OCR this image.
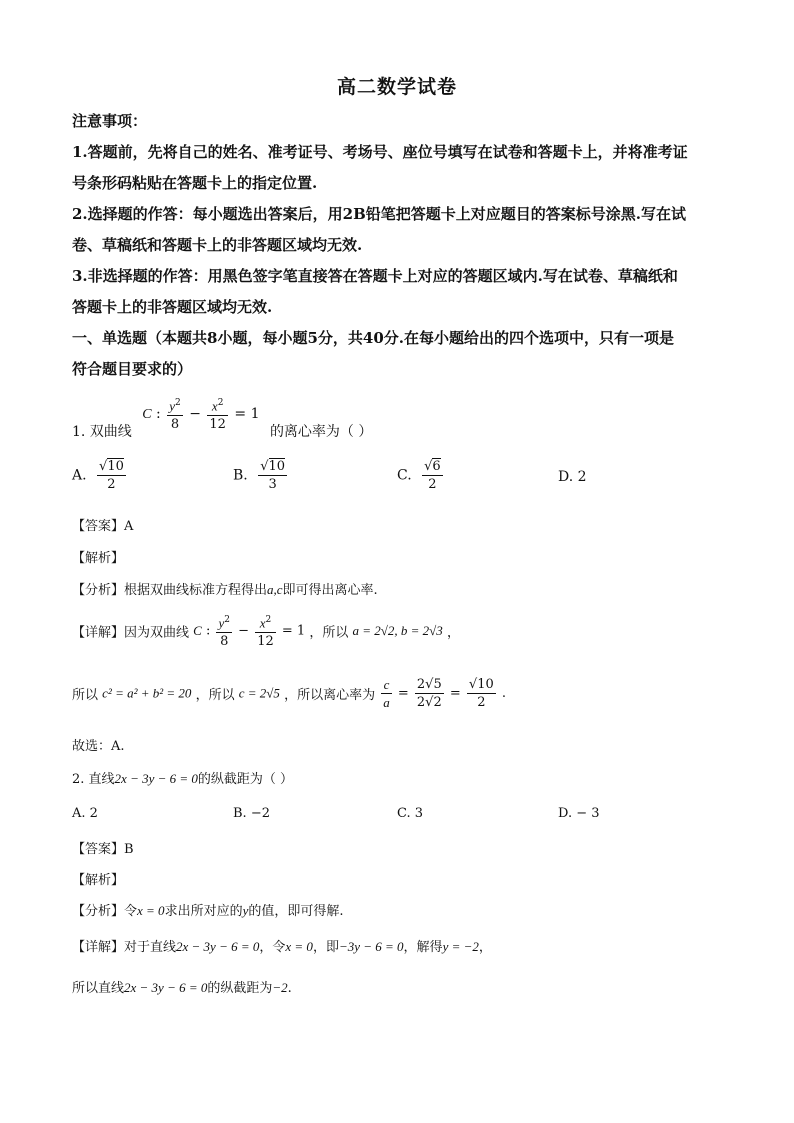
高二数学试卷
注意事项：
1.答题前，先将自己的姓名、准考证号、考场号、座位号填写在试卷和答题卡上，并将准考证
号条形码粘贴在答题卡上的指定位置.
2.选择题的作答：每小题选出答案后，用2B铅笔把答题卡上对应题目的答案标号涂黑.写在试
卷、草稿纸和答题卡上的非答题区域均无效.
3.非选择题的作答：用黑色签字笔直接答在答题卡上对应的答题区域内.写在试卷、草稿纸和
答题卡上的非答题区域均无效.
一、单选题（本题共8小题，每小题5分，共40分.在每小题给出的四个选项中，只有一项是
符合题目要求的）
1. 双曲线 C : $\frac{y^2}{8} - \frac{x^2}{12} = 1$ 的离心率为（ ）
A. $\frac{√10}{2}$	B. $\frac{√10}{3}$	C. $\frac{√6}{2}$	D. 2
【答案】A
【解析】
【分析】根据双曲线标准方程得出a,c即可得出离心率.
【详解】因为双曲线 C : $\frac{y^2}{8} - \frac{x^2}{12} = 1$ ，所以 a = 2√2, b = 2√3 ，
所以 c² = a² + b² = 20 ，所以 c = 2√5 ，所以离心率为 $\frac{c}{a} = \frac{2√5}{2√2} = \frac{√10}{2}$ .
故选：A.
2. 直线2x − 3y − 6 = 0的纵截距为（ ）
A. 2	B. −2	C. 3	D. − 3
【答案】B
【解析】
【分析】令x = 0求出所对应的y的值，即可得解.
【详解】对于直线2x − 3y − 6 = 0，令x = 0，即−3y − 6 = 0，解得y = −2，
所以直线2x − 3y − 6 = 0的纵截距为−2.
